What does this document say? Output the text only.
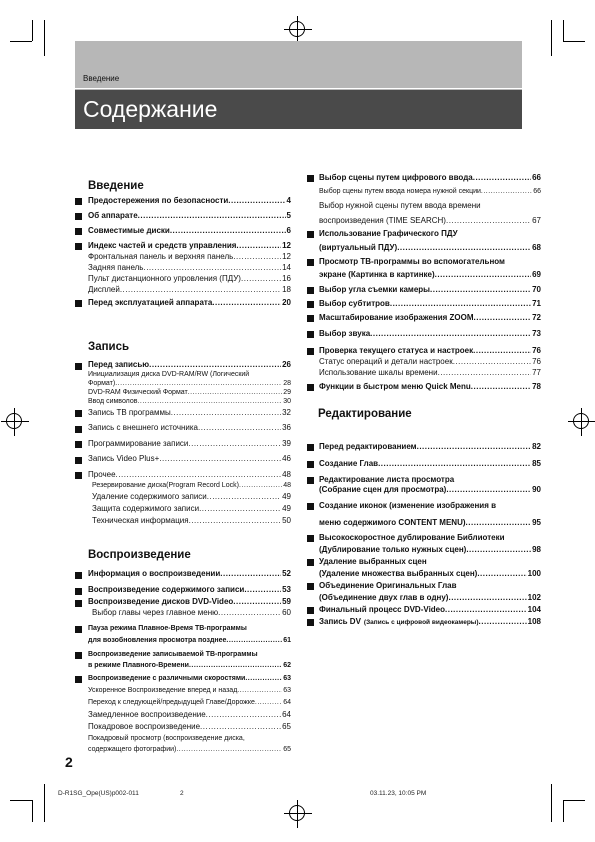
Введение
Содержание
Введение
Предостережения по безопасности .....	4
Об аппарате .....	5
Совместимые диски .....	6
Индекс частей и средств управления .....	12
Фронтальная панель и верхняя панель .....	12
Задняя панель .....	14
Пульт дистанционного упровления (ПДУ) .....	16
Дисплей .....	18
Перед эксплуатацией аппарата .....	20
Запись
Перед записью .....	26
Инициализация диска DVD-RAM/RW (Логический
Формат) .....	28
DVD-RAM Физический Формат .....	29
Ввод символов .....	30
Запись ТВ программы .....	32
Запись с внешнего источника .....	36
Программирование записи .....	39
Запись Video Plus+ .....	46
Прочее .....	48
Резервирование диска(Program Record Lock) .....	48
Удаление содержимого записи .....	49
Защита содержимого записи .....	49
Техническая информация .....	50
Воспроизведение
Информация о воспроизведении .....	52
Воспроизведение содержимого записи .....	53
Воспроизведение дисков DVD-Video .....	59
Выбор главы через главное меню .....	60
Пауза режима Плавное-Время ТВ-программы
для возобновления просмотра позднее .....	61
Воспроизведение записываемой ТВ-программы
в режиме Плавного-Времени .....	62
Воспроизведение с различными скоростями .....	63
Ускоренное Воспроизведение вперед и назад .....	63
Переход к следующей/предыдущей Главе/Дорожке .....	64
Замедленное воспроизведение .....	64
Покадровое воспроизведение .....	65
Покадровый просмотр (воспроизведение диска,
содержащего фотографии) .....	65
Выбор сцены путем цифрового ввода .....	66
Выбор сцены путем ввода номера нужной секции .....	66
Выбор нужной сцены путем ввода времени
воспроизведения (TIME SEARCH) .....	67
Использование Графического ПДУ
(виртуальный ПДУ) .....	68
Просмотр ТВ-программы во вспомогательном
экране (Картинка в картинке) .....	69
Выбор угла съемки камеры .....	70
Выбор субтитров .....	71
Масштабирование изображения ZOOM .....	72
Выбор звука .....	73
Проверка текущего статуса и настроек .....	76
Статус операций и детали настроек .....	76
Использование шкалы времени .....	77
Функции в быстром меню Quick Menu .....	78
Редактирование
Перед редактированием .....	82
Создание Глав .....	85
Редактирование листа просмотра
(Собрание сцен для просмотра) .....	90
Создание иконок (изменение изображения в
меню содержимого CONTENT MENU) .....	95
Высокоскоростное дублирование Библиотеки
(Дублирование только нужных сцен) .....	98
Удаление выбранных сцен
(Удаление множества выбранных сцен) .....	100
Объединение Оригинальных Глав
(Объединение двух глав в одну) .....	102
Финальный процесс DVD-Video .....	104
Запись DV (Запись с цифровой видеокамеры) .....	108
2
D-R1SG_Ope(US)p002-011	2	03.11.23, 10:05 PM
